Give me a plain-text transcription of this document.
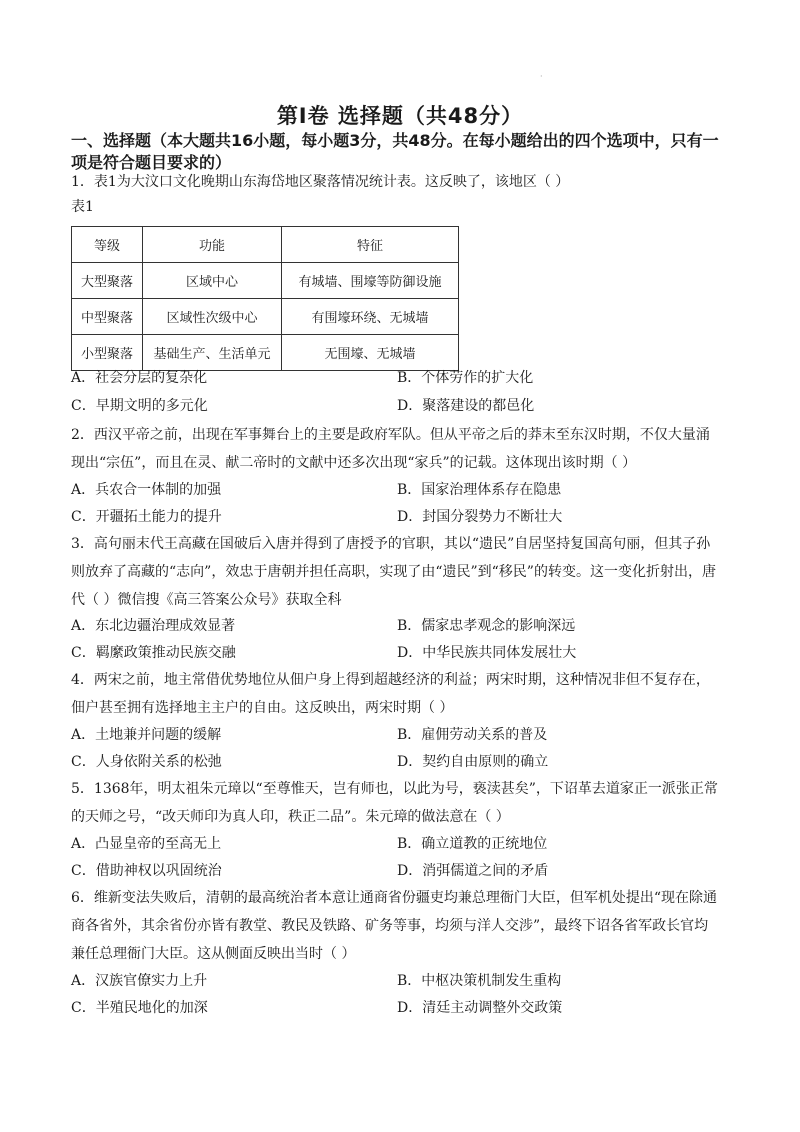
·
第Ⅰ卷 选择题（共48分）
一、选择题（本大题共16小题，每小题3分，共48分。在每小题给出的四个选项中，只有一项是符合题目要求的）
1．表1为大汶口文化晚期山东海岱地区聚落情况统计表。这反映了，该地区（ ）
表1
等级	功能	特征
大型聚落	区域中心	有城墙、围壕等防御设施
中型聚落	区域性次级中心	有围壕环绕、无城墙
小型聚落	基础生产、生活单元	无围壕、无城墙
A．社会分层的复杂化	B．个体劳作的扩大化
C．早期文明的多元化	D．聚落建设的都邑化
2．西汉平帝之前，出现在军事舞台上的主要是政府军队。但从平帝之后的莽末至东汉时期，不仅大量涌
现出“宗伍”，而且在灵、献二帝时的文献中还多次出现“家兵”的记载。这体现出该时期（ ）
A．兵农合一体制的加强	B．国家治理体系存在隐患
C．开疆拓土能力的提升	D．封国分裂势力不断壮大
3．高句丽末代王高藏在国破后入唐并得到了唐授予的官职，其以“遗民”自居坚持复国高句丽，但其子孙
则放弃了高藏的“志向”，效忠于唐朝并担任高职，实现了由“遗民”到“移民”的转变。这一变化折射出，唐
代（ ）微信搜《高三答案公众号》获取全科
A．东北边疆治理成效显著	B．儒家忠孝观念的影响深远
C．羁縻政策推动民族交融	D．中华民族共同体发展壮大
4．两宋之前，地主常借优势地位从佃户身上得到超越经济的利益；两宋时期，这种情况非但不复存在，
佃户甚至拥有选择地主主户的自由。这反映出，两宋时期（ ）
A．土地兼并问题的缓解	B．雇佣劳动关系的普及
C．人身依附关系的松弛	D．契约自由原则的确立
5．1368年，明太祖朱元璋以“至尊惟天，岂有师也，以此为号，亵渎甚矣”，下诏革去道家正一派张正常
的天师之号，“改天师印为真人印，秩正二品”。朱元璋的做法意在（ ）
A．凸显皇帝的至高无上	B．确立道教的正统地位
C．借助神权以巩固统治	D．消弭儒道之间的矛盾
6．维新变法失败后，清朝的最高统治者本意让通商省份疆吏均兼总理衙门大臣，但军机处提出“现在除通
商各省外，其余省份亦皆有教堂、教民及铁路、矿务等事，均须与洋人交涉”，最终下诏各省军政长官均
兼任总理衙门大臣。这从侧面反映出当时（ ）
A．汉族官僚实力上升	B．中枢决策机制发生重构
C．半殖民地化的加深	D．清廷主动调整外交政策
